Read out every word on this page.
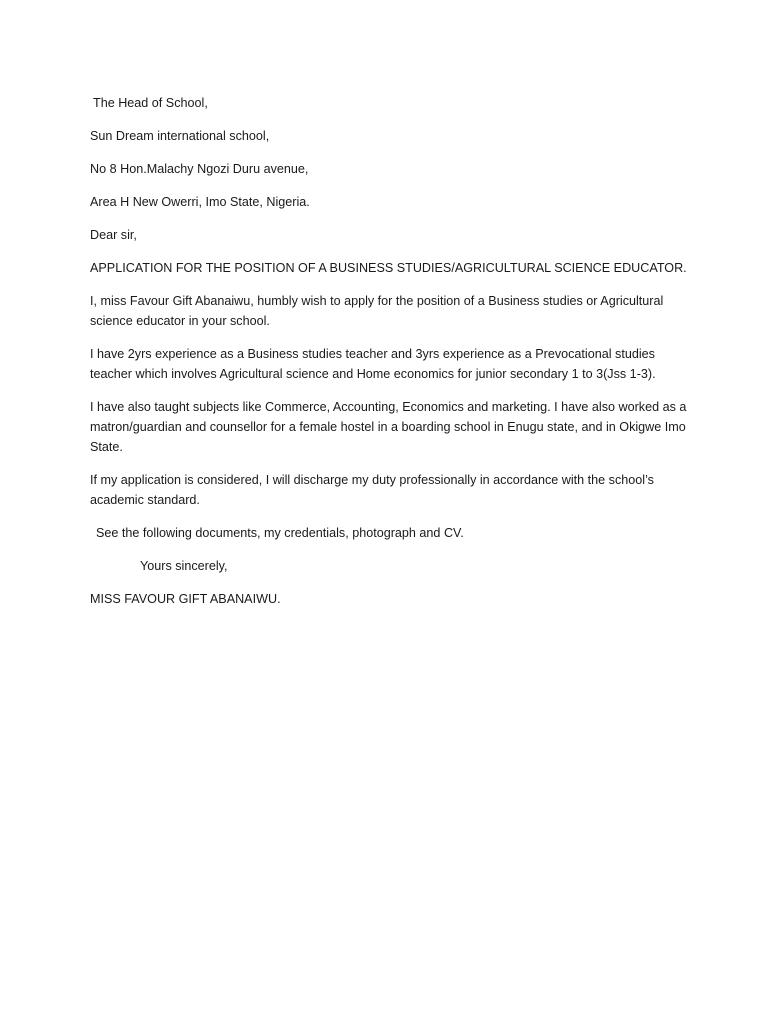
The Head of School,

Sun Dream international school,

No 8 Hon.Malachy Ngozi Duru avenue,

Area H New Owerri, Imo State, Nigeria.

Dear sir,

APPLICATION FOR THE POSITION OF A BUSINESS STUDIES/AGRICULTURAL SCIENCE EDUCATOR.

I, miss Favour Gift Abanaiwu, humbly wish to apply for the position of a Business studies or Agricultural science educator in your school.

I have 2yrs experience as a Business studies teacher and 3yrs experience as a Prevocational studies teacher which involves Agricultural science and Home economics for junior secondary 1 to 3(Jss 1-3).

I have also taught subjects like Commerce, Accounting, Economics and marketing. I have also worked as a matron/guardian and counsellor for a female hostel in a boarding school in Enugu state, and in Okigwe Imo State.

If my application is considered, I will discharge my duty professionally in accordance with the school’s academic standard.

See the following documents, my credentials, photograph and CV.

Yours sincerely,

MISS FAVOUR GIFT ABANAIWU.
